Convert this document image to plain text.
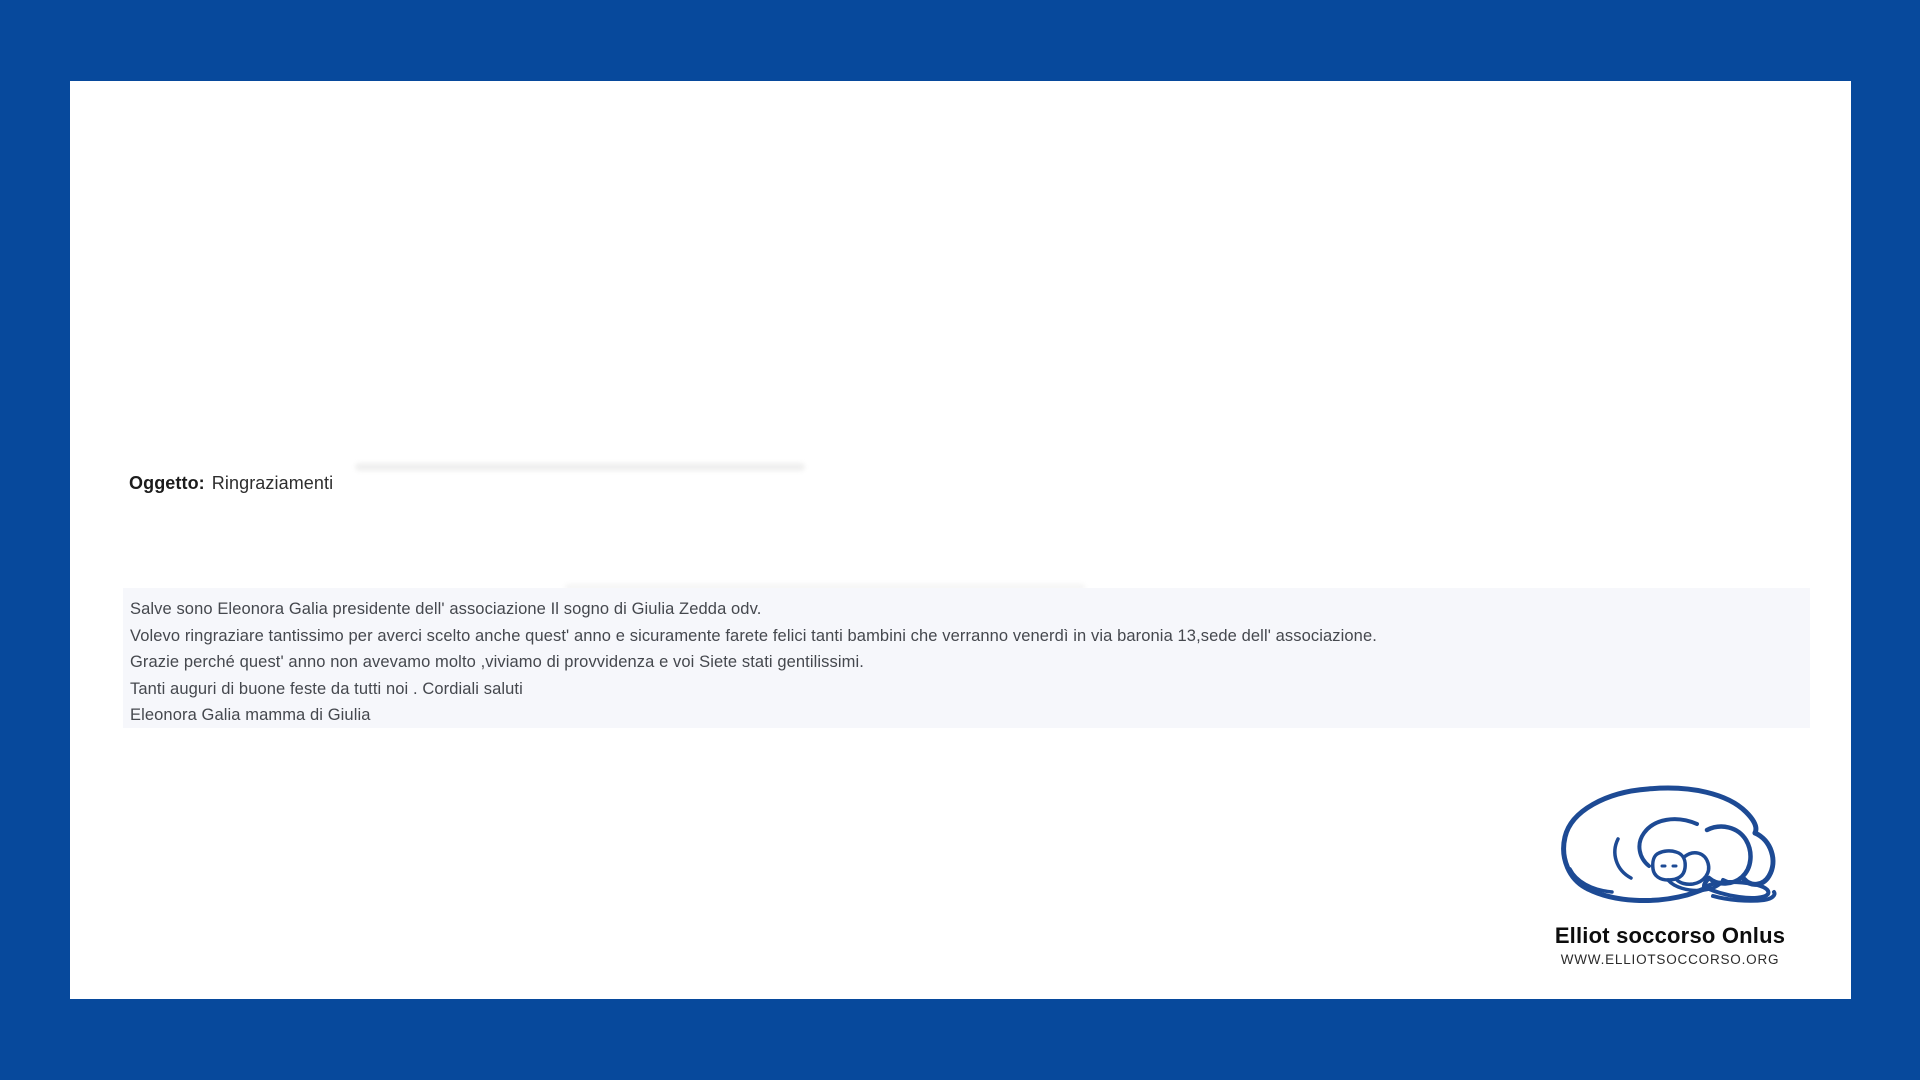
Oggetto: Ringraziamenti
Salve sono Eleonora Galia presidente dell' associazione Il sogno di Giulia Zedda odv.
Volevo ringraziare tantissimo per averci scelto anche quest' anno e sicuramente farete felici tanti bambini che verranno venerdì in via baronia 13,sede dell' associazione.
Grazie perché quest' anno non avevamo molto ,viviamo di provvidenza e voi Siete stati gentilissimi.
Tanti auguri di buone feste da tutti noi . Cordiali saluti
Eleonora Galia mamma di Giulia
Elliot soccorso Onlus
WWW.ELLIOTSOCCORSO.ORG
